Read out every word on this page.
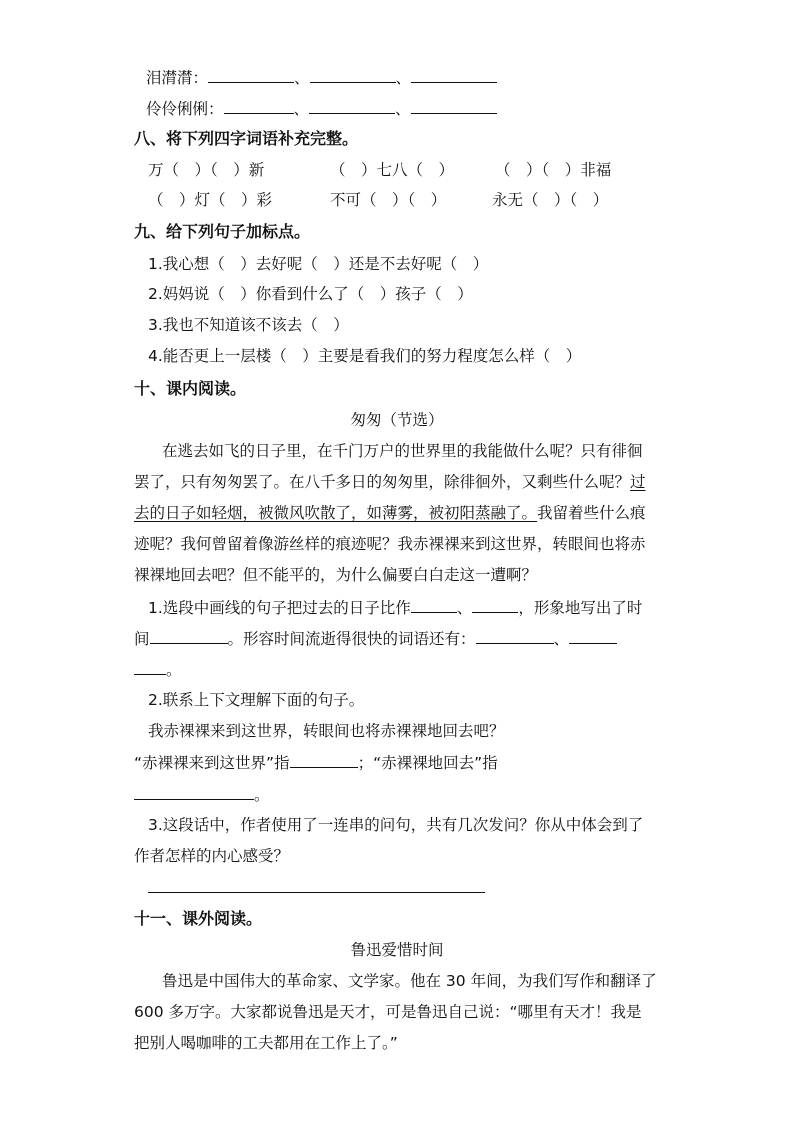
泪潸潸：	、	、
伶伶俐俐：	、	、
八、将下列四字词语补充完整。
万（　）（　）新	（　）七八（　）	（　）（　）非福
（　）灯（　）彩	不可（　）（　）	永无（　）（　）
九、给下列句子加标点。
1.我心想（　）去好呢（　）还是不去好呢（　）
2.妈妈说（　）你看到什么了（　）孩子（　）
3.我也不知道该不该去（　）
4.能否更上一层楼（　）主要是看我们的努力程度怎么样（　）
十、课内阅读。
匆匆（节选）
在逃去如飞的日子里，在千门万户的世界里的我能做什么呢？只有徘徊
罢了，只有匆匆罢了。在八千多日的匆匆里，除徘徊外，又剩些什么呢？过
去的日子如轻烟，被微风吹散了，如薄雾，被初阳蒸融了。我留着些什么痕
迹呢？我何曾留着像游丝样的痕迹呢？我赤裸裸来到这世界，转眼间也将赤
裸裸地回去吧？但不能平的，为什么偏要白白走这一遭啊？
1.选段中画线的句子把过去的日子比作	、	，形象地写出了时
间	。形容时间流逝得很快的词语还有：	、
。
2.联系上下文理解下面的句子。
我赤裸裸来到这世界，转眼间也将赤裸裸地回去吧？
“赤裸裸来到这世界”指	；“赤裸裸地回去”指
。
3.这段话中，作者使用了一连串的问句，共有几次发问？你从中体会到了
作者怎样的内心感受？
十一、课外阅读。
鲁迅爱惜时间
鲁迅是中国伟大的革命家、文学家。他在 30 年间，为我们写作和翻译了
600 多万字。大家都说鲁迅是天才，可是鲁迅自己说：“哪里有天才！我是
把别人喝咖啡的工夫都用在工作上了。”
